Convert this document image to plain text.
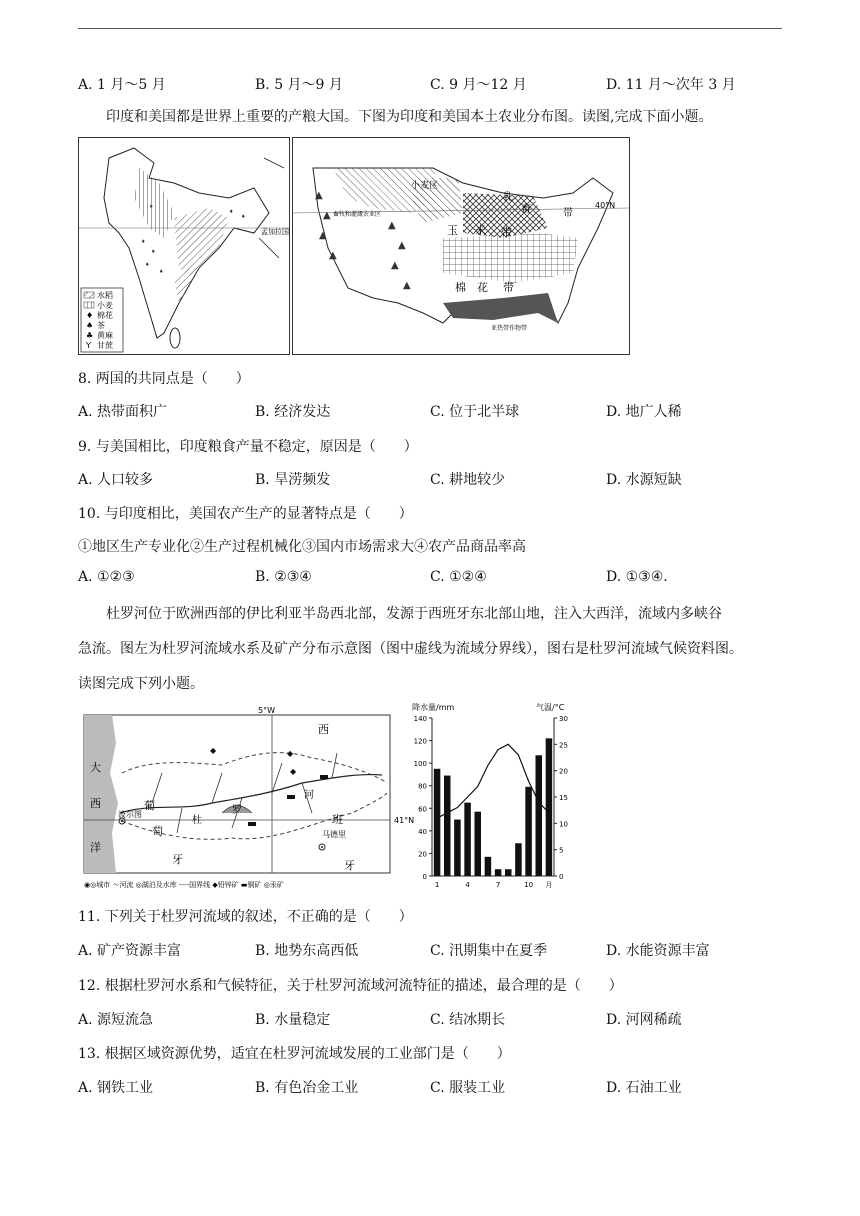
A. 1 月～5 月	B. 5 月～9 月	C. 9 月～12 月	D. 11 月～次年 3 月
印度和美国都是世界上重要的产粮大国。下图为印度和美国本土农业分布图。读图,完成下面小题。
孟加拉国
♦
♦
♦
♦
♦
♦
♦
水稻
小麦
♦ 棉花
♠ 茶
♣ 黄麻
Y 甘蔗
▲
▲
▲
▲
▲
▲
▲
▲
小麦区
乳
畜	带
40°N
玉 米 带
棉 花 带
畜牧和灌溉农业区
亚热带作物带
8. 两国的共同点是（　　）
A. 热带面积广	B. 经济发达	C. 位于北半球	D. 地广人稀
9. 与美国相比，印度粮食产量不稳定，原因是（　　）
A. 人口较多	B. 旱涝频发	C. 耕地较少	D. 水源短缺
10. 与印度相比，美国农产生产的显著特点是（　　）
①地区生产专业化②生产过程机械化③国内市场需求大④农产品商品率高
A. ①②③	B. ②③④	C. ①②④	D. ①③④.
杜罗河位于欧洲西部的伊比利亚半岛西北部，发源于西班牙东北部山地，注入大西洋，流域内多峡谷
急流。图左为杜罗河流域水系及矿产分布示意图（图中虚线为流域分界线），图右是杜罗河流域气候资料图。
读图完成下列小题。
5°W
大
西
洋
葡
萄
牙
西
班
牙
河
罗
杜
波尔图
马德里
41°N
◆	◆
◆
◉◎城市 ～河流 ◎湖泊及水库 ----国界线 ◆铅锌矿 ▬铜矿 ◎汞矿
降水量/mm	气温/°C
0
20
40
60
80
100
120
140
0
5
10
15
20
25
30
1	4	7	10 月
11. 下列关于杜罗河流域的叙述，不正确的是（　　）
A. 矿产资源丰富	B. 地势东高西低	C. 汛期集中在夏季	D. 水能资源丰富
12. 根据杜罗河水系和气候特征，关于杜罗河流域河流特征的描述，最合理的是（　　）
A. 源短流急	B. 水量稳定	C. 结冰期长	D. 河网稀疏
13. 根据区域资源优势，适宜在杜罗河流域发展的工业部门是（　　）
A. 钢铁工业	B. 有色冶金工业	C. 服装工业	D. 石油工业
